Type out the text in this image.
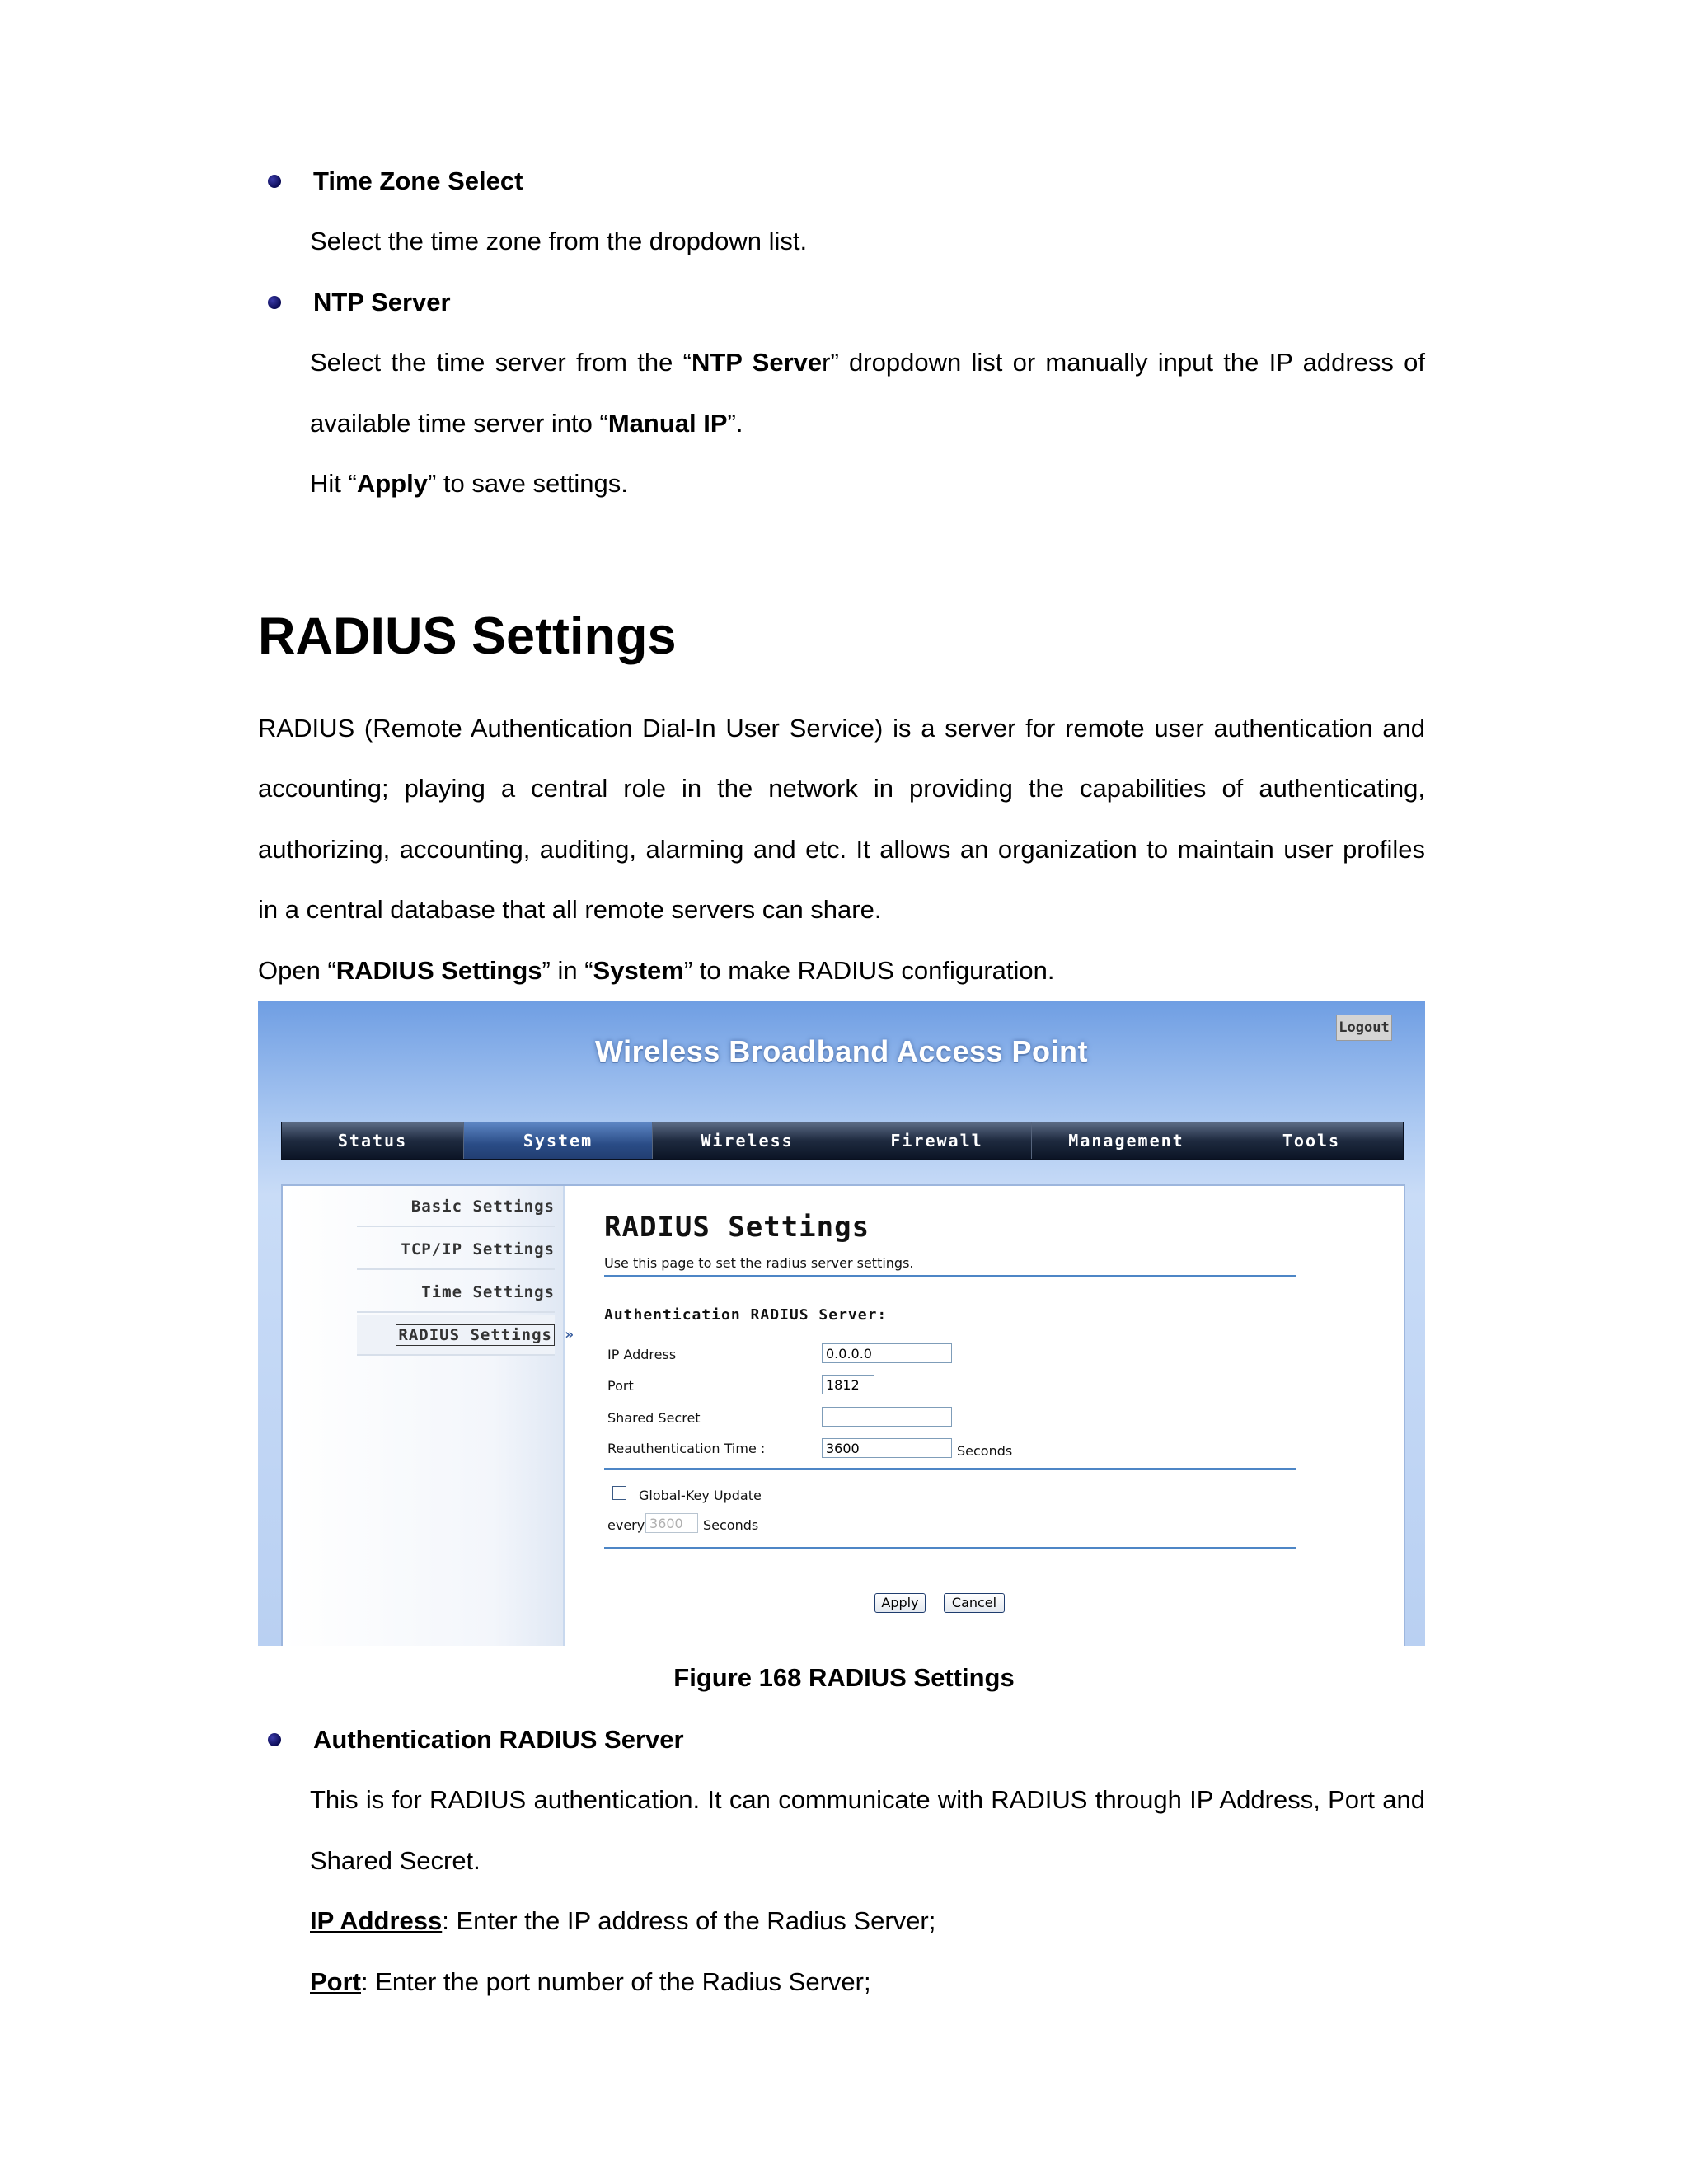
Time Zone Select
Select the time zone from the dropdown list.
NTP Server
Select the time server from the “NTP Server” dropdown list or manually input the IP address of
available time server into “Manual IP”.
Hit “Apply” to save settings.
RADIUS Settings
RADIUS (Remote Authentication Dial-In User Service) is a server for remote user authentication and
accounting; playing a central role in the network in providing the capabilities of authenticating,
authorizing, accounting, auditing, alarming and etc. It allows an organization to maintain user profiles
in a central database that all remote servers can share.
Open “RADIUS Settings” in “System” to make RADIUS configuration.
Wireless Broadband Access Point
Logout
Status	System	Wireless	Firewall	Management	Tools
Basic Settings
TCP/IP Settings
Time Settings
RADIUS Settings »
RADIUS Settings
Use this page to set the radius server settings.
Authentication RADIUS Server:
IP Address	0.0.0.0
Port	1812
Shared Secret
Reauthentication Time :	3600	Seconds
Global-Key Update
every 3600	Seconds
Apply	Cancel
Figure 168 RADIUS Settings
Authentication RADIUS Server
This is for RADIUS authentication. It can communicate with RADIUS through IP Address, Port and
Shared Secret.
IP Address: Enter the IP address of the Radius Server;
Port: Enter the port number of the Radius Server;
